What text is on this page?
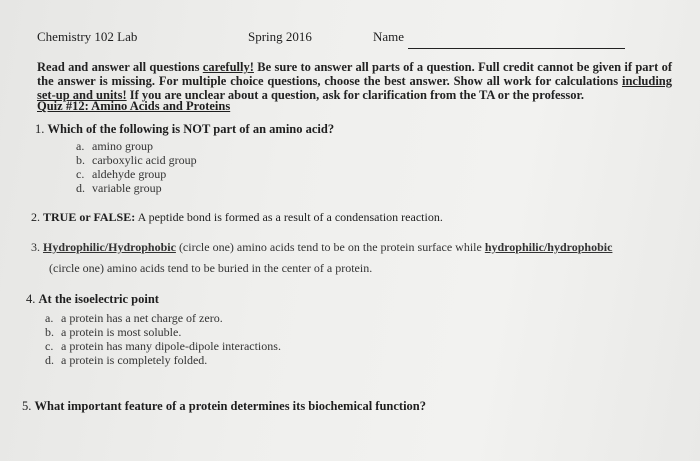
Chemistry 102 Lab	Spring 2016	Name
Read and answer all questions carefully! Be sure to answer all parts of a question. Full credit cannot be given if part of
the answer is missing. For multiple choice questions, choose the best answer. Show all work for calculations including
set-up and units! If you are unclear about a question, ask for clarification from the TA or the professor.
Quiz #12: Amino Acids and Proteins
1. Which of the following is NOT part of an amino acid?
a. amino group
b. carboxylic acid group
c. aldehyde group
d. variable group
2. TRUE or FALSE: A peptide bond is formed as a result of a condensation reaction.
3. Hydrophilic/Hydrophobic (circle one) amino acids tend to be on the protein surface while hydrophilic/hydrophobic
(circle one) amino acids tend to be buried in the center of a protein.
4. At the isoelectric point
a. a protein has a net charge of zero.
b. a protein is most soluble.
c. a protein has many dipole-dipole interactions.
d. a protein is completely folded.
5. What important feature of a protein determines its biochemical function?
